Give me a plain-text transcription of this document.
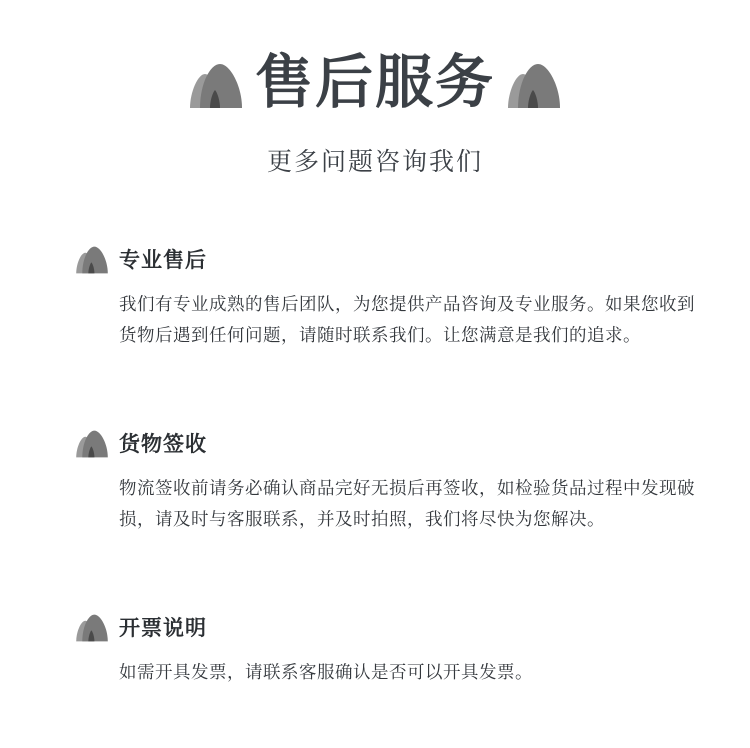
售后服务
更多问题咨询我们
专业售后
我们有专业成熟的售后团队，为您提供产品咨询及专业服务。如果您收到货物后遇到任何问题，请随时联系我们。让您满意是我们的追求。
货物签收
物流签收前请务必确认商品完好无损后再签收，如检验货品过程中发现破损，请及时与客服联系，并及时拍照，我们将尽快为您解决。
开票说明
如需开具发票，请联系客服确认是否可以开具发票。
